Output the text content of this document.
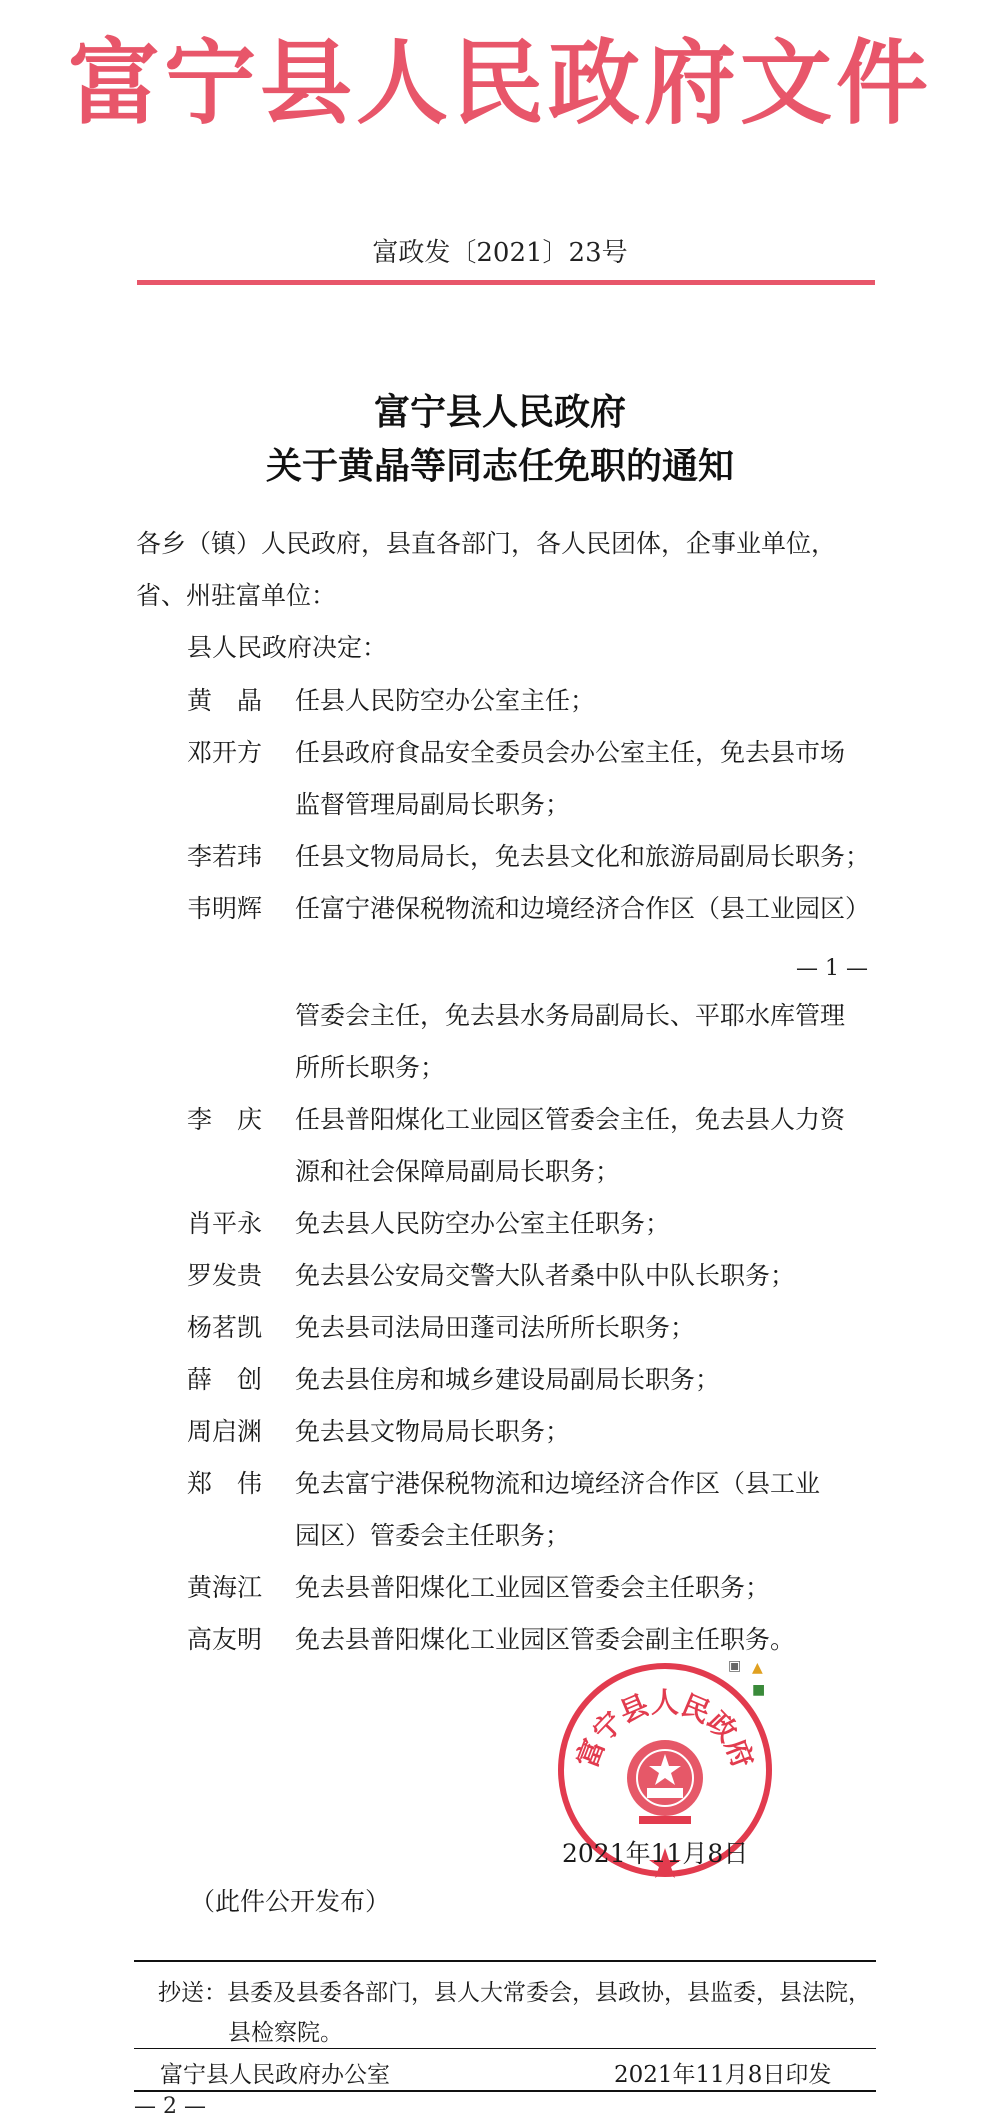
富宁县人民政府文件
富政发〔2021〕23号
富宁县人民政府
关于黄晶等同志任免职的通知
各乡（镇）人民政府，县直各部门，各人民团体，企事业单位，
省、州驻富单位：
县人民政府决定：
黄　晶 任县人民防空办公室主任；
邓开方 任县政府食品安全委员会办公室主任，免去县市场
监督管理局副局长职务；
李若玮 任县文物局局长，免去县文化和旅游局副局长职务；
韦明辉 任富宁港保税物流和边境经济合作区（县工业园区）
— 1 —
管委会主任，免去县水务局副局长、平耶水库管理
所所长职务；
李　庆 任县普阳煤化工业园区管委会主任，免去县人力资
源和社会保障局副局长职务；
肖平永 免去县人民防空办公室主任职务；
罗发贵 免去县公安局交警大队者桑中队中队长职务；
杨茗凯 免去县司法局田蓬司法所所长职务；
薛　创 免去县住房和城乡建设局副局长职务；
周启渊 免去县文物局局长职务；
郑　伟 免去富宁港保税物流和边境经济合作区（县工业
园区）管委会主任职务；
黄海江 免去县普阳煤化工业园区管委会主任职务；
高友明 免去县普阳煤化工业园区管委会副主任职务。
▣ ▲
■
富宁县人民政府
2021年11月8日
（此件公开发布）
抄送：县委及县委各部门，县人大常委会，县政协，县监委，县法院，
县检察院。
富宁县人民政府办公室	2021年11月8日印发
— 2 —
